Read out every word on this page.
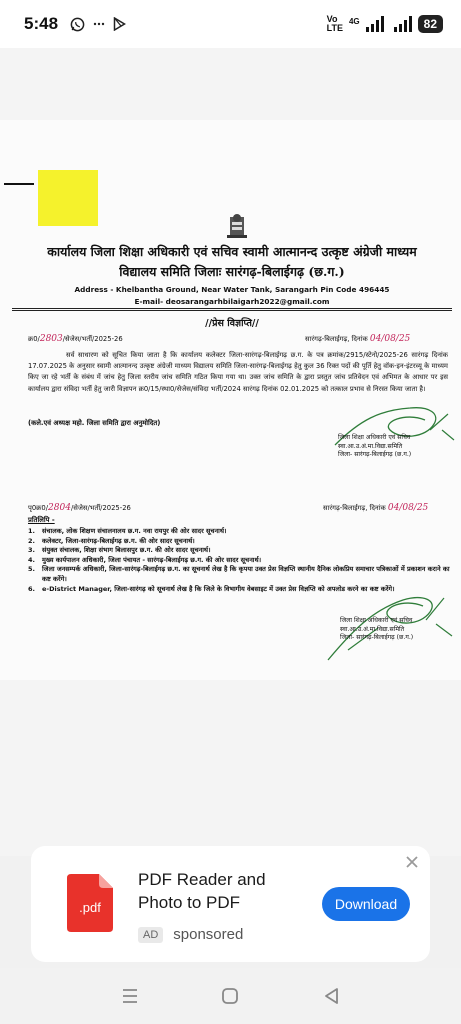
5:48	Vo
LTE
4G	82
कार्यालय जिला शिक्षा अधिकारी एवं सचिव स्वामी आत्मानन्द उत्कृष्ट अंग्रेजी माध्यम
विद्यालय समिति जिलाः सारंगढ़-बिलाईगढ़ (छ.ग.)
Address - Khelbantha Ground, Near Water Tank, Sarangarh Pin Code 496445
E-mail- deosarangarhbilaigarh2022@gmail.com
//प्रेस विज्ञप्ति//
क्र0/2803/सेजेस/भर्ती/2025-26	सारंगढ़-बिलाईगढ़, दिनांक 04/08/25
सर्व साधारण को सूचित किया जाता है कि कार्यालय कलेक्टर जिला-सारंगढ़-बिलाईगढ़ छ.ग. के पत्र क्रमांक/2915/स्टेनो/2025-26 सारंगढ़ दिनांक 17.07.2025 के अनुसार स्वामी आत्मानन्द उत्कृष्ट अंग्रेजी माध्यम विद्यालय समिति जिला-सारंगढ़-बिलाईगढ़ हेतु कुल 36 रिक्त पदों की पूर्ति हेतु वॉक-इन-इंटरव्यू के माध्यम किए जा रहे भर्ती के संबंध में जांच हेतु जिला स्तरीय जांच समिति गठित किया गया था। उक्त जांच समिति के द्वारा प्रस्तुत जांच प्रतिवेदन एवं अभिमत के आधार पर इस कार्यालय द्वारा संविदा भर्ती हेतु जारी विज्ञापन क्र0/15/स्था0/सेजेस/संविदा भर्ती/2024 सारंगढ़ दिनांक 02.01.2025 को तत्काल प्रभाव से निरस्त किया जाता है।
(कले.एवं अध्यक्ष महो. जिला समिति द्वारा अनुमोदित)
जिला शिक्षा अधिकारी एवं सचिव
स्वा.आ.उ.अं.मा.विद्या.समिति
जिला- सारंगढ़-बिलाईगढ़ (छ.ग.)
पृ0क्र0/2804/सेजेस/भर्ती/2025-26	सारंगढ़-बिलाईगढ़, दिनांक 04/08/25
प्रतिलिपि -
1.	संचालक, लोक शिक्षण संचालनालय छ.ग. नवा रायपुर की ओर सादर सूचनार्थ।
2.	कलेक्टर, जिला-सारंगढ़-बिलाईगढ़ छ.ग. की ओर सादर सूचनार्थ।
3.	संयुक्त संचालक, शिक्षा संभाग बिलासपुर छ.ग. की ओर सादर सूचनार्थ।
4.	मुख्य कार्यपालन अधिकारी, जिला पंचायत - सारंगढ़-बिलाईगढ़ छ.ग. की ओर सादर सूचनार्थ।
5.	जिला जनसम्पर्क अधिकारी, जिला-सारंगढ़-बिलाईगढ़ छ.ग. का सूचनार्थ लेख है कि कृपया उक्त प्रेस विज्ञप्ति स्थानीय दैनिक लोकप्रिय समाचार पत्रिकाओं में प्रकाशन कराने का कष्ट करेंगे।
6.	e-District Manager, जिला-सारंगढ़ को सूचनार्थ लेख है कि जिले के विभागीय वेबसाइट में उक्त प्रेस विज्ञप्ति को अपलोड करने का कष्ट करेंगे।
जिला शिक्षा अधिकारी एवं सचिव
स्वा.आ.उ.अं.मा.विद्या.समिति
जिला- सारंगढ़-बिलाईगढ़ (छ.ग.)
.pdf
PDF Reader and Photo to PDF
AD	sponsored
Download
